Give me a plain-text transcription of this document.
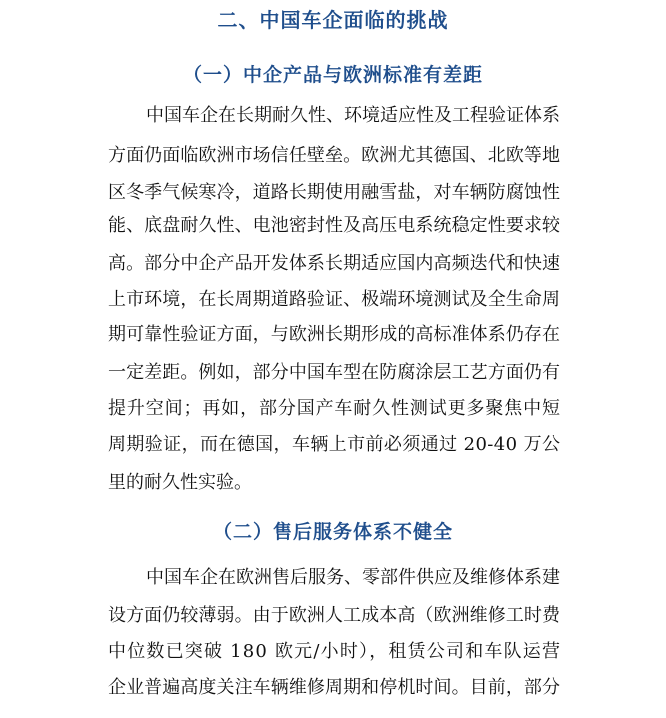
二、中国车企面临的挑战
（一）中企产品与欧洲标准有差距
中国车企在长期耐久性、环境适应性及工程验证体系
方面仍面临欧洲市场信任壁垒。欧洲尤其德国、北欧等地
区冬季气候寒冷，道路长期使用融雪盐，对车辆防腐蚀性
能、底盘耐久性、电池密封性及高压电系统稳定性要求较
高。部分中企产品开发体系长期适应国内高频迭代和快速
上市环境，在长周期道路验证、极端环境测试及全生命周
期可靠性验证方面，与欧洲长期形成的高标准体系仍存在
一定差距。例如，部分中国车型在防腐涂层工艺方面仍有
提升空间；再如，部分国产车耐久性测试更多聚焦中短
周期验证，而在德国，车辆上市前必须通过 20-40 万公
里的耐久性实验。
（二）售后服务体系不健全
中国车企在欧洲售后服务、零部件供应及维修体系建
设方面仍较薄弱。由于欧洲人工成本高（欧洲维修工时费
中位数已突破 180 欧元/小时），租赁公司和车队运营
企业普遍高度关注车辆维修周期和停机时间。目前，部分
